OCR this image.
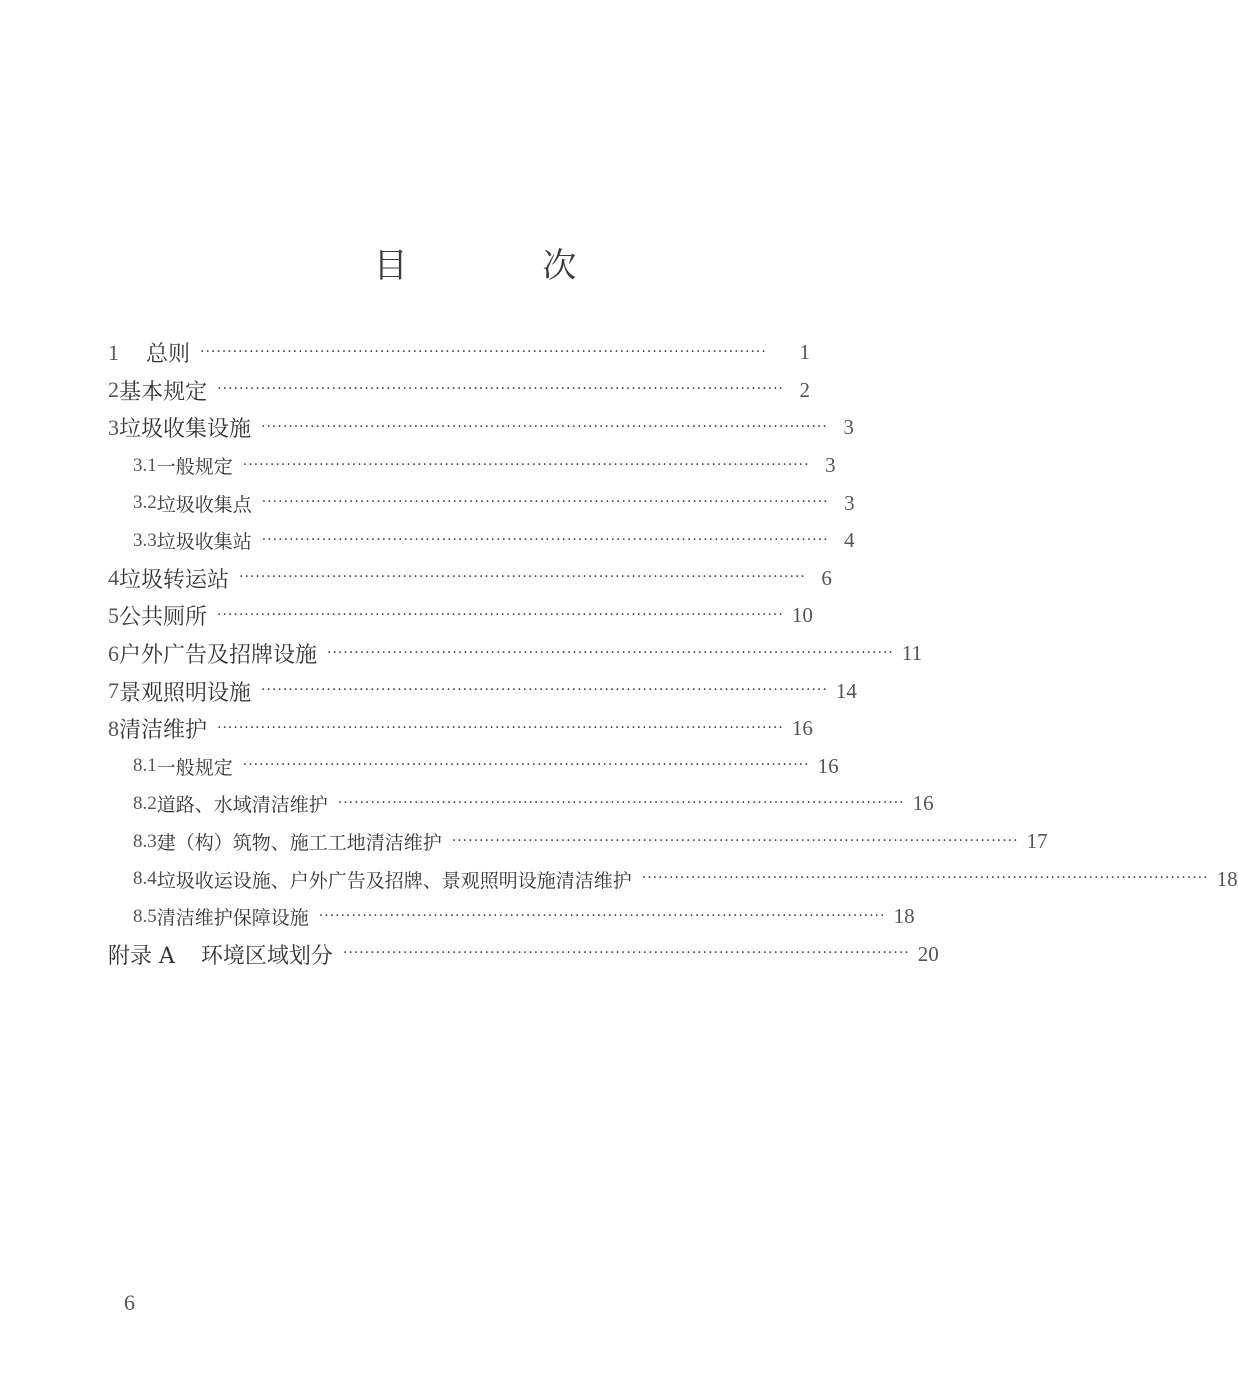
目 次
1	总则 ········································································································	1
2 基本规定 ········································································································ 2
3 垃圾收集设施 ········································································································ 3
3.1 一般规定 ········································································································ 3
3.2 垃圾收集点 ········································································································ 3
3.3 垃圾收集站 ········································································································ 4
4 垃圾转运站 ········································································································ 6
5 公共厕所 ········································································································ 10
6 户外广告及招牌设施 ········································································································ 11
7 景观照明设施 ········································································································ 14
8 清洁维护 ········································································································ 16
8.1 一般规定 ········································································································ 16
8.2 道路、水域清洁维护 ········································································································ 16
8.3 建（构）筑物、施工工地清洁维护 ········································································································ 17
8.4 垃圾收运设施、户外广告及招牌、景观照明设施清洁维护 ········································································································ 18
8.5 清洁维护保障设施 ········································································································ 18
附录 A 环境区域划分 ········································································································ 20
6
